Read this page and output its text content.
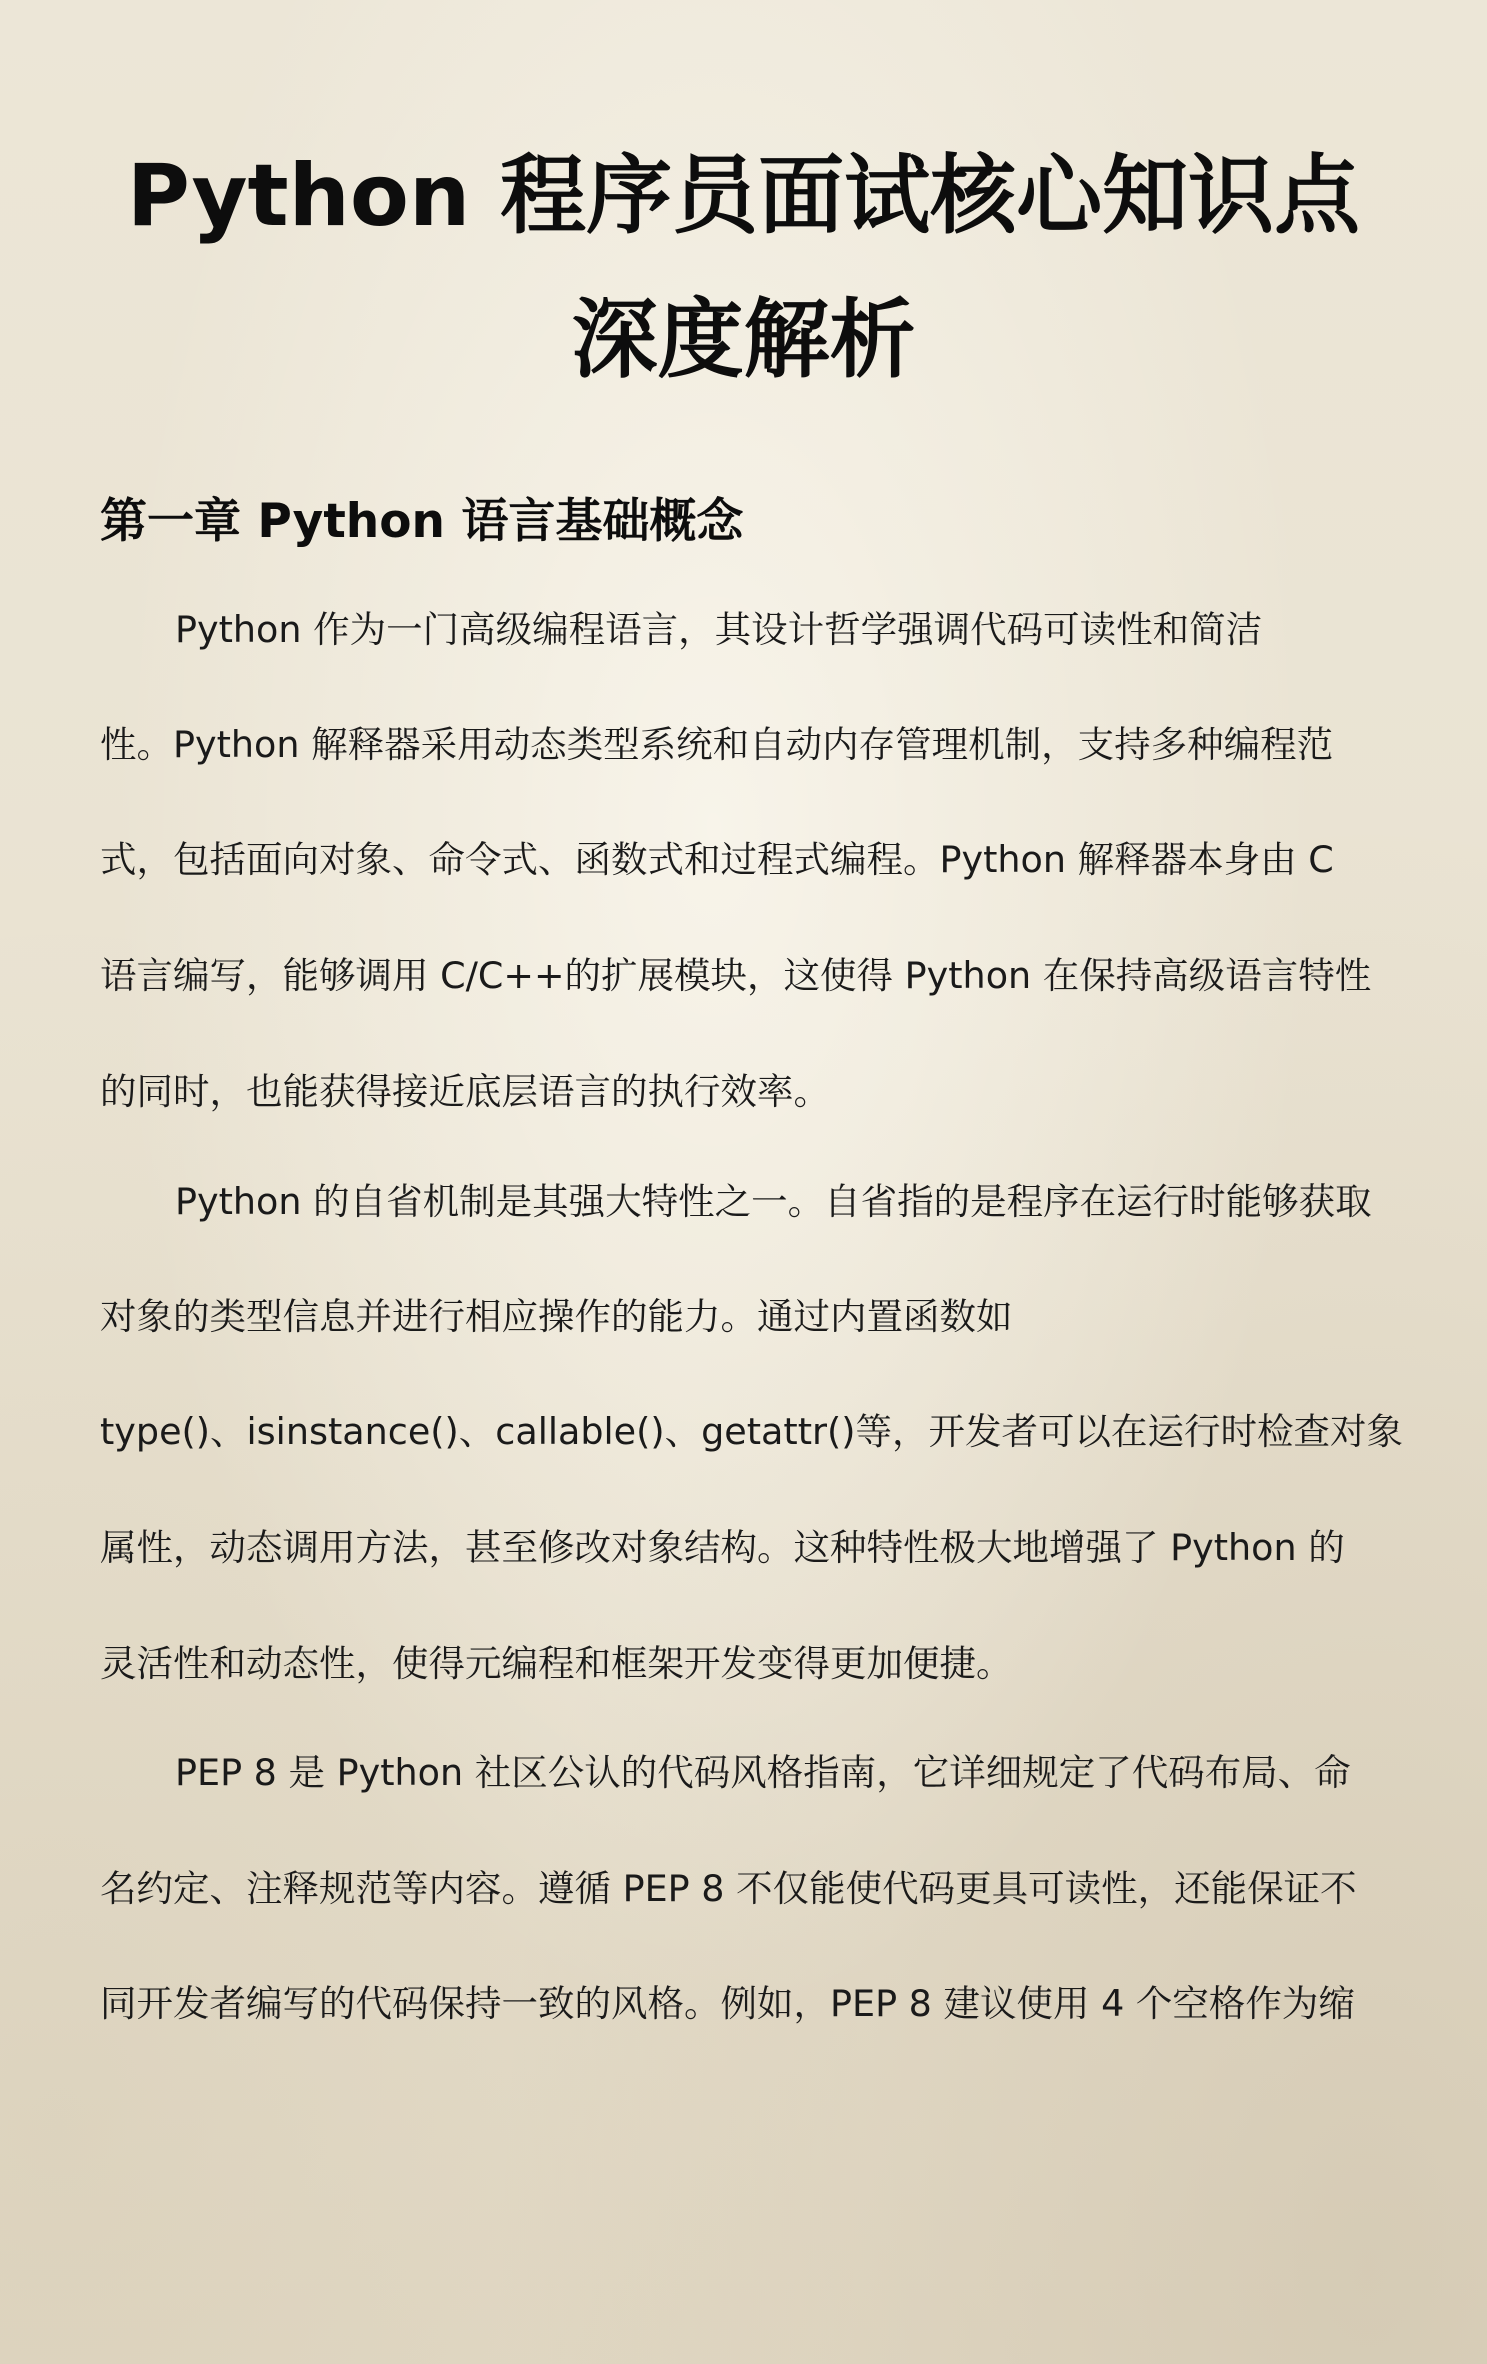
Python 程序员面试核心知识点
深度解析
第一章 Python 语言基础概念
Python 作为一门高级编程语言，其设计哲学强调代码可读性和简洁
性。Python 解释器采用动态类型系统和自动内存管理机制，支持多种编程范
式，包括面向对象、命令式、函数式和过程式编程。Python 解释器本身由 C
语言编写，能够调用 C/C++的扩展模块，这使得 Python 在保持高级语言特性
的同时，也能获得接近底层语言的执行效率。
Python 的自省机制是其强大特性之一。自省指的是程序在运行时能够获取
对象的类型信息并进行相应操作的能力。通过内置函数如
type()、isinstance()、callable()、getattr()等，开发者可以在运行时检查对象
属性，动态调用方法，甚至修改对象结构。这种特性极大地增强了 Python 的
灵活性和动态性，使得元编程和框架开发变得更加便捷。
PEP 8 是 Python 社区公认的代码风格指南，它详细规定了代码布局、命
名约定、注释规范等内容。遵循 PEP 8 不仅能使代码更具可读性，还能保证不
同开发者编写的代码保持一致的风格。例如，PEP 8 建议使用 4 个空格作为缩
